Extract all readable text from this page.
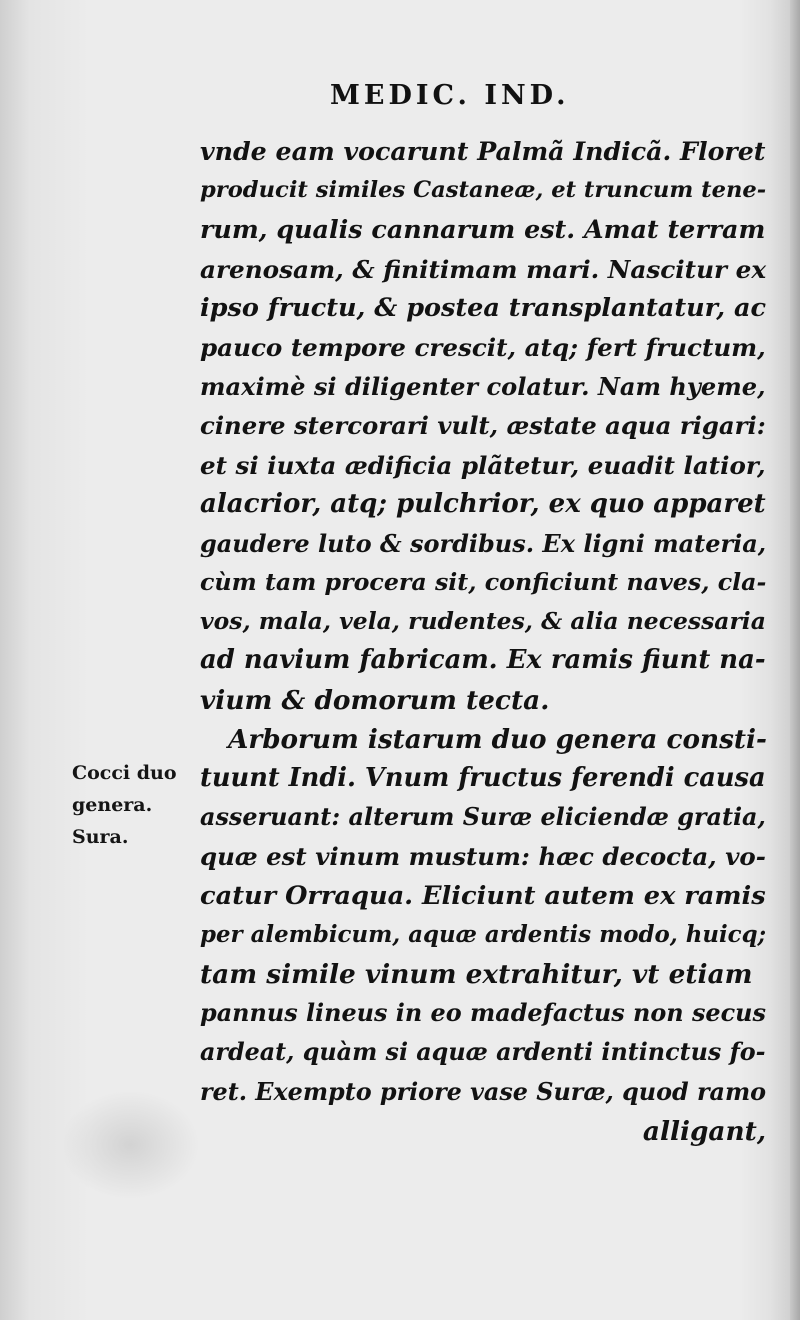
MEDIC. IND.
Cocci duo
genera.
Sura.
vnde eam vocarunt Palmã Indicã. Floret
producit similes Castaneæ, et truncum tene-
rum, qualis cannarum est. Amat terram
arenosam, & finitimam mari. Nascitur ex
ipso fructu, & postea transplantatur, ac
pauco tempore crescit, atq; fert fructum,
maximè si diligenter colatur. Nam hyeme,
cinere stercorari vult, æstate aqua rigari:
et si iuxta ædificia plãtetur, euadit latior,
alacrior, atq; pulchrior, ex quo apparet
gaudere luto & sordibus. Ex ligni materia,
cùm tam procera sit, conficiunt naves, cla-
vos, mala, vela, rudentes, & alia necessaria
ad navium fabricam. Ex ramis fiunt na-
vium & domorum tecta.
Arborum istarum duo genera consti-
tuunt Indi. Vnum fructus ferendi causa
asseruant: alterum Suræ eliciendæ gratia,
quæ est vinum mustum: hæc decocta, vo-
catur Orraqua. Eliciunt autem ex ramis
per alembicum, aquæ ardentis modo, huicq;
tam simile vinum extrahitur, vt etiam
pannus lineus in eo madefactus non secus
ardeat, quàm si aquæ ardenti intinctus fo-
ret. Exempto priore vase Suræ, quod ramo
alligant,
